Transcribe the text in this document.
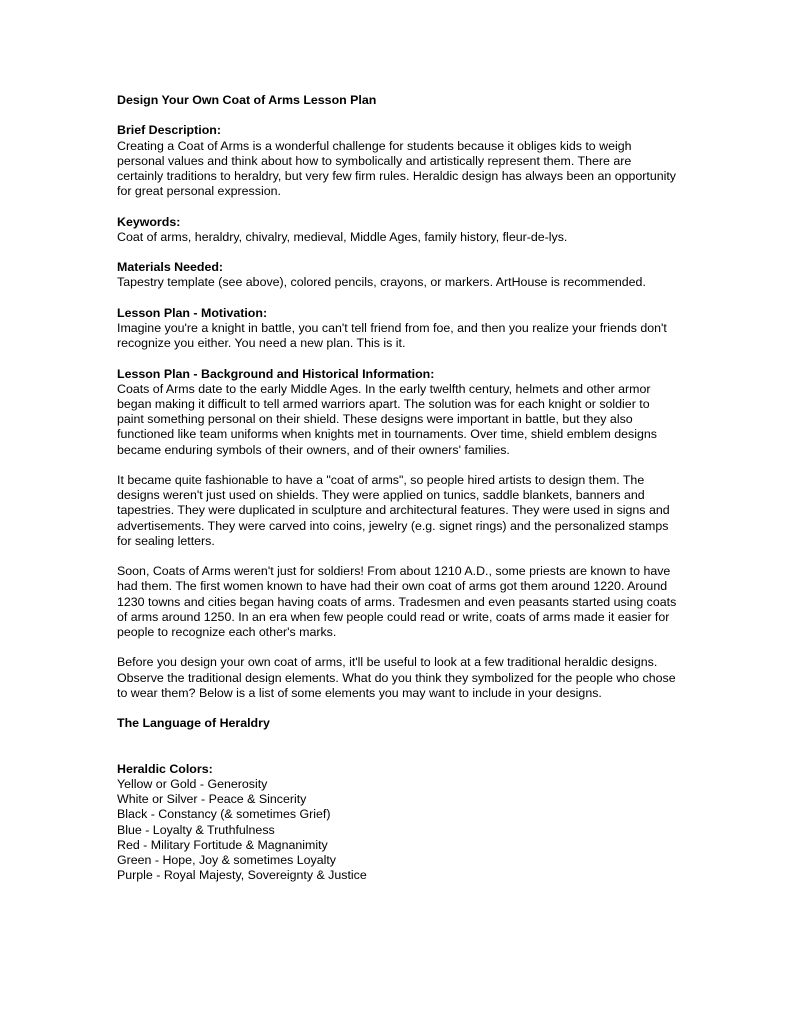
Design Your Own Coat of Arms Lesson Plan
Brief Description:
Creating a Coat of Arms is a wonderful challenge for students because it obliges kids to weigh personal values and think about how to symbolically and artistically represent them. There are certainly traditions to heraldry, but very few firm rules. Heraldic design has always been an opportunity for great personal expression.
Keywords:
Coat of arms, heraldry, chivalry, medieval, Middle Ages, family history, fleur-de-lys.
Materials Needed:
Tapestry template (see above), colored pencils, crayons, or markers. ArtHouse is recommended.
Lesson Plan - Motivation:
Imagine you're a knight in battle, you can't tell friend from foe, and then you realize your friends don't recognize you either. You need a new plan. This is it.
Lesson Plan - Background and Historical Information:
Coats of Arms date to the early Middle Ages. In the early twelfth century, helmets and other armor began making it difficult to tell armed warriors apart. The solution was for each knight or soldier to paint something personal on their shield. These designs were important in battle, but they also functioned like team uniforms when knights met in tournaments. Over time, shield emblem designs became enduring symbols of their owners, and of their owners' families.
It became quite fashionable to have a "coat of arms", so people hired artists to design them. The designs weren't just used on shields. They were applied on tunics, saddle blankets, banners and tapestries. They were duplicated in sculpture and architectural features. They were used in signs and advertisements. They were carved into coins, jewelry (e.g. signet rings) and the personalized stamps for sealing letters.
Soon, Coats of Arms weren't just for soldiers! From about 1210 A.D., some priests are known to have had them. The first women known to have had their own coat of arms got them around 1220. Around 1230 towns and cities began having coats of arms. Tradesmen and even peasants started using coats of arms around 1250. In an era when few people could read or write, coats of arms made it easier for people to recognize each other's marks.
Before you design your own coat of arms, it'll be useful to look at a few traditional heraldic designs. Observe the traditional design elements. What do you think they symbolized for the people who chose to wear them? Below is a list of some elements you may want to include in your designs.
The Language of Heraldry
Heraldic Colors:
Yellow or Gold - Generosity
White or Silver - Peace & Sincerity
Black - Constancy (& sometimes Grief)
Blue - Loyalty & Truthfulness
Red - Military Fortitude & Magnanimity
Green - Hope, Joy & sometimes Loyalty
Purple - Royal Majesty, Sovereignty & Justice
